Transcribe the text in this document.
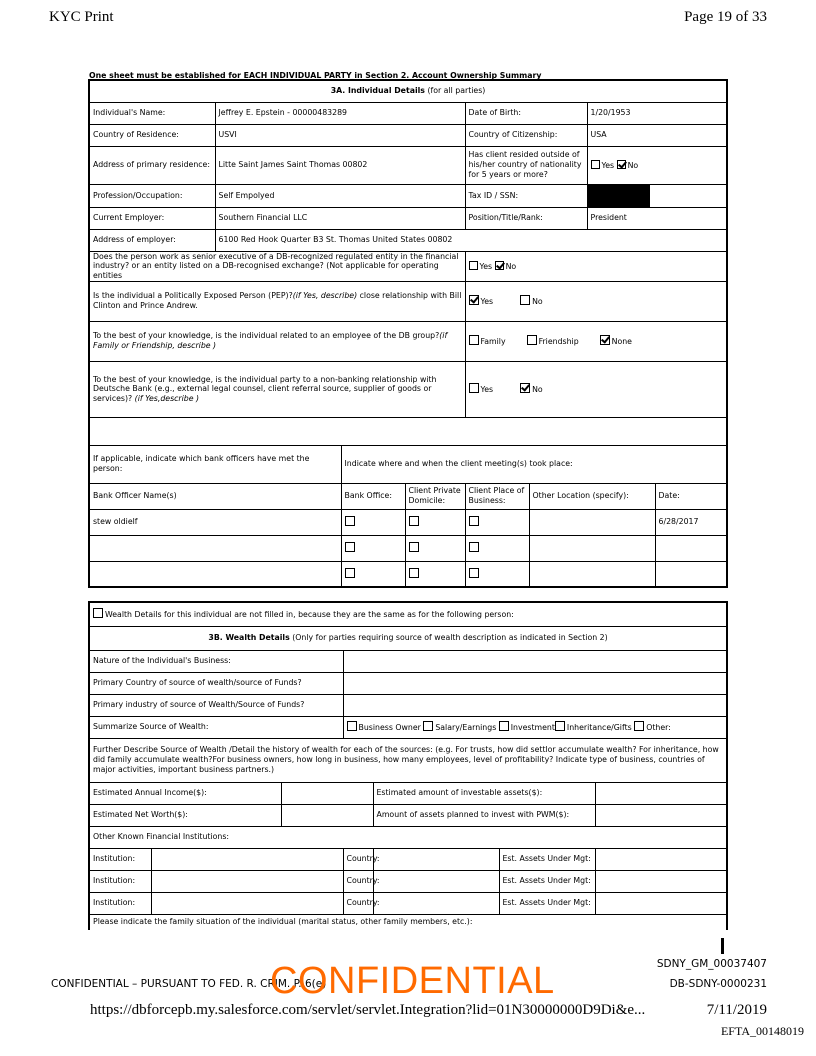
KYC Print	Page 19 of 33
One sheet must be established for EACH INDIVIDUAL PARTY in Section 2. Account Ownership Summary
3A. Individual Details (for all parties)							
Individual's Name:	Jeffrey E. Epstein - 00000483289			Date of Birth:		1/20/1953	
Country of Residence:	USVI			Country of Citizenship:		USA	
Address of primary residence:	Litte Saint James Saint Thomas 00802			Has client resided outside of his/her country of nationality for 5 years or more?		Yes No	
Profession/Occupation:	Self Empolyed			Tax ID / SSN:			

Current Employer:	Southern Financial LLC			Position/Title/Rank:		President	
Address of employer:	6100 Red Hook Quarter B3 St. Thomas United States 00802						
Does the person work as senior executive of a DB-recognized regulated entity in the financial industry? or an entity listed on a DB-recognised exchange? (Not applicable for operating entities				Yes No			
Is the individual a Politically Exposed Person (PEP)?(if Yes, describe) close relationship with Bill Clinton and Prince Andrew.				Yes No			
To the best of your knowledge, is the individual related to an employee of the DB group?(if Family or Friendship, describe )				Family Friendship None			
To the best of your knowledge, is the individual party to a non-banking relationship with Deutsche Bank (e.g., external legal counsel, client referral source, supplier of goods or services)? (if Yes,describe )				Yes No			

If applicable, indicate which bank officers have met the person:		Indicate where and when the client meeting(s) took place:					
Bank Officer Name(s)		Bank Office:	Client Private Domicile:	Client Place of Business:	Other Location (specify):		Date:
stew oldielf							6/28/2017

Wealth Details for this individual are not filled in, because they are the same as for the following person:						
3B. Wealth Details (Only for parties requiring source of wealth description as indicated in Section 2)						
Nature of the Individual's Business:						
Primary Country of source of wealth/source of Funds?						
Primary industry of source of Wealth/Source of Funds?						
Summarize Source of Wealth:			Business Owner Salary/Earnings Investment Inheritance/Gifts Other:			
Further Describe Source of Wealth /Detail the history of wealth for each of the sources: (e.g. For trusts, how did settlor accumulate wealth? For inheritance, how did family accumulate wealth?For business owners, how long in business, how many employees, level of profitability? Indicate type of business, countries of major activities, important business partners.)						
Estimated Annual Income($):				Estimated amount of investable assets($):		
Estimated Net Worth($):				Amount of assets planned to invest with PWM($):		
Other Known Financial Institutions:						
Institution:			Country:		Est. Assets Under Mgt:	
Institution:			Country:		Est. Assets Under Mgt:	
Institution:			Country:		Est. Assets Under Mgt:	
Please indicate the family situation of the individual (marital status, other family members, etc.):						
SDNY_GM_00037407
CONFIDENTIAL – PURSUANT TO FED. R. CRIM. P. 6(e)
CONFIDENTIAL	DB-SDNY-0000231
https://dbforcepb.my.salesforce.com/servlet/servlet.Integration?lid=01N30000000D9Di&e...	7/11/2019
EFTA_00148019
